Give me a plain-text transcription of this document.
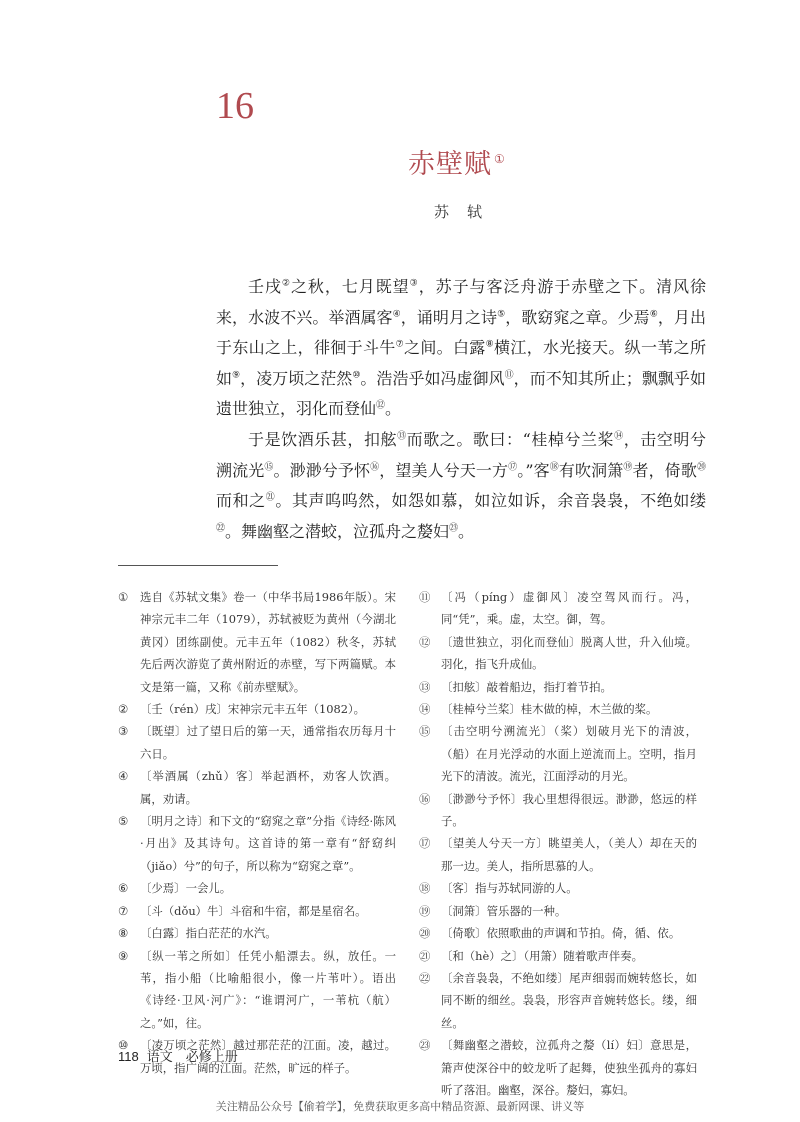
16
赤壁赋 ①
苏轼

壬戌②之秋，七月既望③，苏子与客泛舟游于赤壁之下。清风徐来，水波不兴。举酒属客④，诵明月之诗⑤，歌窈窕之章。少焉⑥，月出于东山之上，徘徊于斗牛⑦之间。白露⑧横江，水光接天。纵一苇之所如⑨，凌万顷之茫然⑩。浩浩乎如冯虚御风⑪，而不知其所止；飘飘乎如遗世独立，羽化而登仙⑫。

于是饮酒乐甚，扣舷⑬而歌之。歌曰：“桂棹兮兰桨⑭，击空明兮溯流光⑮。渺渺兮予怀⑯，望美人兮天一方⑰。”客⑱有吹洞箫⑲者，倚歌⑳而和之$^㉑$。其声呜呜然，如怨如慕，如泣如诉，余音袅袅，不绝如缕$^㉒$。舞幽壑之潜蛟，泣孤舟之嫠妇$^㉓$。

① 选自《苏轼文集》卷一（中华书局1986年版）。宋神宗元丰二年（1079），苏轼被贬为黄州（今湖北黄冈）团练副使。元丰五年（1082）秋冬，苏轼先后两次游览了黄州附近的赤壁，写下两篇赋。本文是第一篇，又称《前赤壁赋》。
② 〔壬（rén）戌〕宋神宗元丰五年（1082）。
③ 〔既望〕过了望日后的第一天，通常指农历每月十六日。
④ 〔举酒属（zhǔ）客〕举起酒杯，劝客人饮酒。属，劝请。
⑤ 〔明月之诗〕和下文的“窈窕之章”分指《诗经·陈风·月出》及其诗句。这首诗的第一章有“舒窈纠（jiǎo）兮”的句子，所以称为“窈窕之章”。
⑥ 〔少焉〕一会儿。
⑦ 〔斗（dǒu）牛〕斗宿和牛宿，都是星宿名。
⑧ 〔白露〕指白茫茫的水汽。
⑨ 〔纵一苇之所如〕任凭小船漂去。纵，放任。一苇，指小船（比喻船很小，像一片苇叶）。语出《诗经·卫风·河广》：“谁谓河广，一苇杭（航）之。”如，往。
⑩ 〔凌万顷之茫然〕越过那茫茫的江面。凌，越过。万顷，指广阔的江面。茫然，旷远的样子。
⑪ 〔冯（píng）虚御风〕凌空驾风而行。冯，同“凭”，乘。虚，太空。御，驾。
⑫ 〔遗世独立，羽化而登仙〕脱离人世，升入仙境。羽化，指飞升成仙。
⑬ 〔扣舷〕敲着船边，指打着节拍。
⑭ 〔桂棹兮兰桨〕桂木做的棹，木兰做的桨。
⑮ 〔击空明兮溯流光〕（桨）划破月光下的清波，（船）在月光浮动的水面上逆流而上。空明，指月光下的清波。流光，江面浮动的月光。
⑯ 〔渺渺兮予怀〕我心里想得很远。渺渺，悠远的样子。
⑰ 〔望美人兮天一方〕眺望美人，（美人）却在天的那一边。美人，指所思慕的人。
⑱ 〔客〕指与苏轼同游的人。
⑲ 〔洞箫〕管乐器的一种。
⑳ 〔倚歌〕依照歌曲的声调和节拍。倚，循、依。
㉑ 〔和（hè）之〕（用箫）随着歌声伴奏。
㉒ 〔余音袅袅，不绝如缕〕尾声细弱而婉转悠长，如同不断的细丝。袅袅，形容声音婉转悠长。缕，细丝。
㉓ 〔舞幽壑之潜蛟，泣孤舟之嫠（lí）妇〕意思是，箫声使深谷中的蛟龙听了起舞，使独坐孤舟的寡妇听了落泪。幽壑，深谷。嫠妇，寡妇。
118 语文　必修上册
关注精品公众号【偷着学】，免费获取更多高中精品资源、最新网课、讲义等
